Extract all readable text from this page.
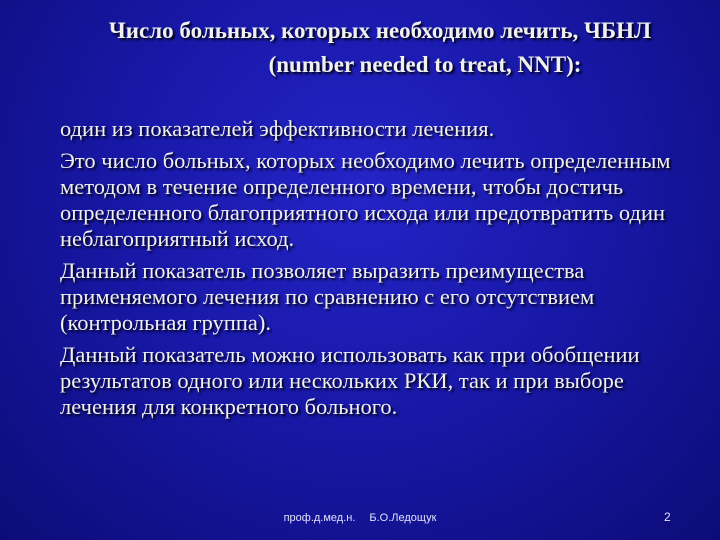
Число больных, которых необходимо лечить, ЧБНЛ
(number needed to treat, NNT):

один из показателей эффективности лечения.

Это число больных, которых необходимо лечить определенным методом в течение определенного времени, чтобы достичь определенного благоприятного исхода или предотвратить один неблагоприятный исход.

Данный показатель позволяет выразить преимущества применяемого лечения по сравнению с его отсутствием (контрольная группа).

Данный показатель можно использовать как при обобщении результатов одного или нескольких РКИ, так и при выборе лечения для конкретного больного.

проф.д.мед.н. Б.О.Ледощук	2
